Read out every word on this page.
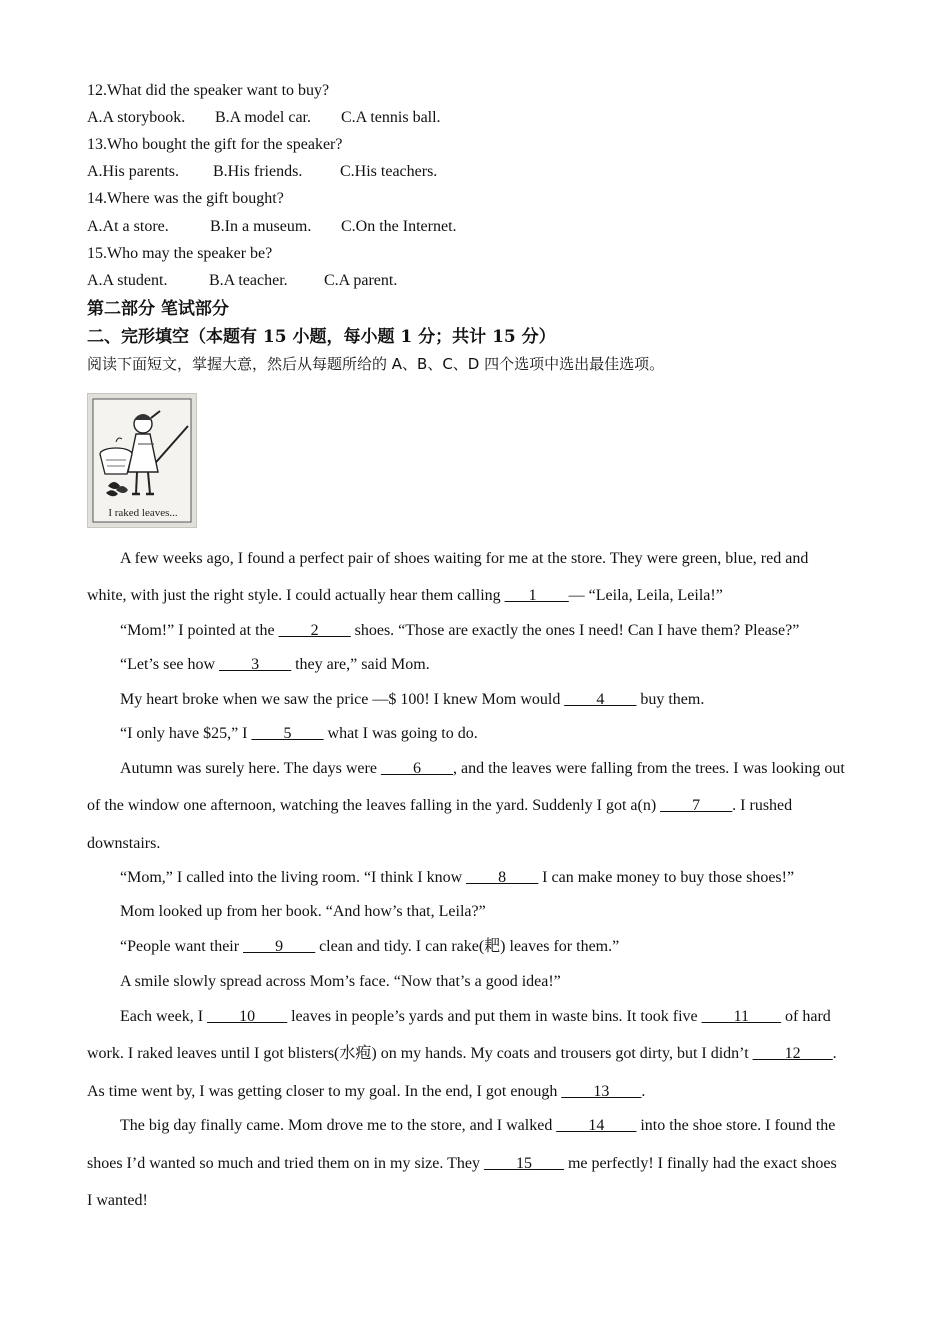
12.What did the speaker want to buy?
A.A storybook. B.A model car. C.A tennis ball.
13.Who bought the gift for the speaker?
A.His parents. B.His friends. C.His teachers.
14.Where was the gift bought?
A.At a store.	B.In a museum. C.On the Internet.
15.Who may the speaker be?
A.A student.	B.A teacher. C.A parent.
第二部分 笔试部分
二、完形填空（本题有 15 小题，每小题 1 分；共计 15 分）
阅读下面短文，掌握大意，然后从每题所给的 A、B、C、D 四个选项中选出最佳选项。
I raked leaves...
A few weeks ago, I found a perfect pair of shoes waiting for me at the store. They were green, blue, red and
white, with just the right style. I could actually hear them calling ___1____— “Leila, Leila, Leila!”
“Mom!” I pointed at the ____2____ shoes. “Those are exactly the ones I need! Can I have them? Please?”
“Let’s see how ____3____ they are,” said Mom.
My heart broke when we saw the price —$ 100! I knew Mom would ____4____ buy them.
“I only have $25,” I ____5____ what I was going to do.
Autumn was surely here. The days were ____6____, and the leaves were falling from the trees. I was looking out
of the window one afternoon, watching the leaves falling in the yard. Suddenly I got a(n) ____7____. I rushed
downstairs.
“Mom,” I called into the living room. “I think I know ____8____ I can make money to buy those shoes!”
Mom looked up from her book. “And how’s that, Leila?”
“People want their ____9____ clean and tidy. I can rake(耙) leaves for them.”
A smile slowly spread across Mom’s face. “Now that’s a good idea!”
Each week, I ____10____ leaves in people’s yards and put them in waste bins. It took five ____11____ of hard
work. I raked leaves until I got blisters(水疱) on my hands. My coats and trousers got dirty, but I didn’t ____12____.
As time went by, I was getting closer to my goal. In the end, I got enough ____13____.
The big day finally came. Mom drove me to the store, and I walked ____14____ into the shoe store. I found the
shoes I’d wanted so much and tried them on in my size. They ____15____ me perfectly! I finally had the exact shoes
I wanted!
